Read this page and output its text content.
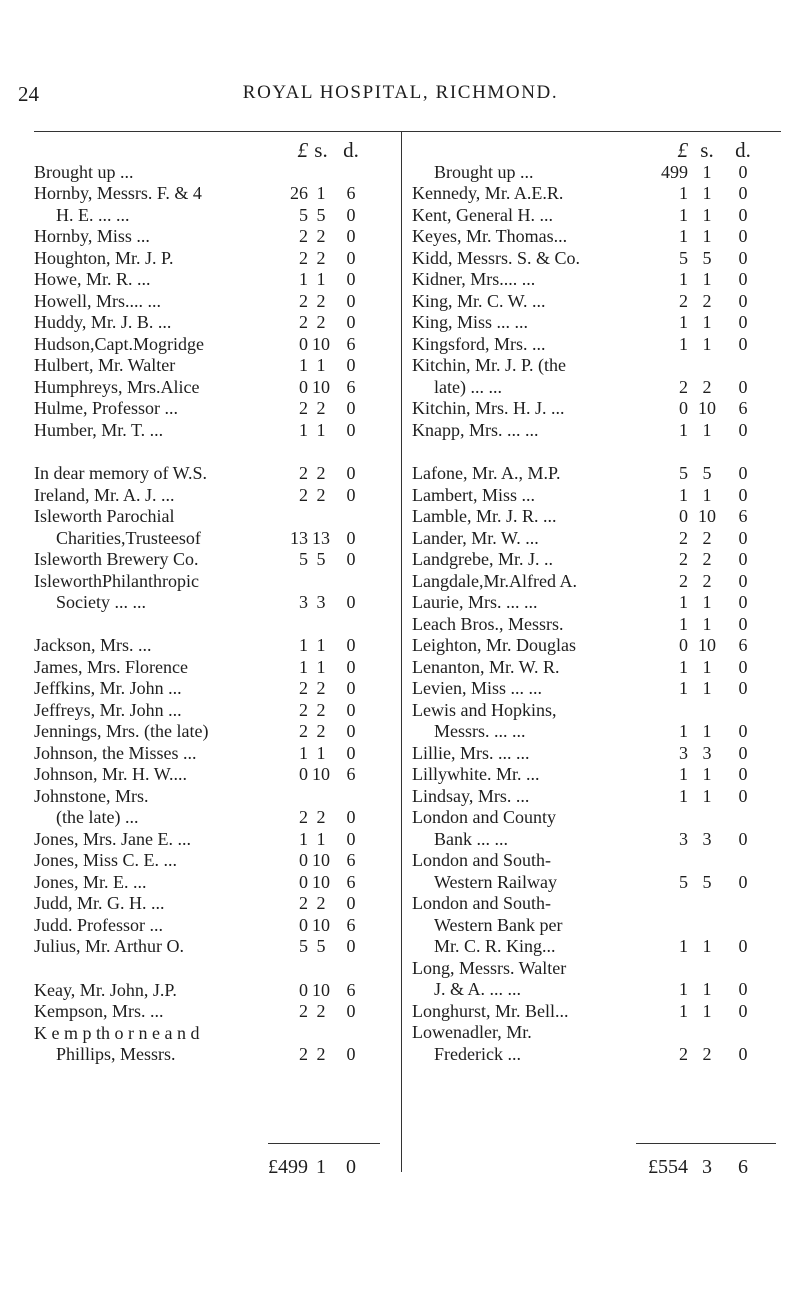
24	ROYAL HOSPITAL, RICHMOND.
£ s. d.
Brought up ...
Hornby, Messrs. F. & 4	26 1	6
H. E. ... ...	5 5	0
Hornby, Miss ...	2 2	0
Houghton, Mr. J. P.	2 2	0
Howe, Mr. R. ...	1 1	0
Howell, Mrs.... ...	2 2	0
Huddy, Mr. J. B. ...	2 2	0
Hudson,Capt.Mogridge	0 10 6
Hulbert, Mr. Walter	1 1	0
Humphreys, Mrs.Alice	0 10 6
Hulme, Professor ...	2 2	0
Humber, Mr. T. ...	1 1	0
In dear memory of W.S.	2 2	0
Ireland, Mr. A. J. ...	2 2	0
Isleworth Parochial
Charities,Trusteesof	13 13 0
Isleworth Brewery Co.	5 5	0
IsleworthPhilanthropic
Society ... ...	3 3	0
Jackson, Mrs. ...	1 1	0
James, Mrs. Florence	1 1	0
Jeffkins, Mr. John ...	2 2	0
Jeffreys, Mr. John ...	2 2	0
Jennings, Mrs. (the late)	2 2	0
Johnson, the Misses ...	1 1	0
Johnson, Mr. H. W....	0 10 6
Johnstone, Mrs.
(the late) ...	2 2	0
Jones, Mrs. Jane E. ...	1 1	0
Jones, Miss C. E. ...	0 10 6
Jones, Mr. E. ...	0 10 6
Judd, Mr. G. H. ...	2 2	0
Judd. Professor ...	0 10 6
Julius, Mr. Arthur O.	5 5	0
Keay, Mr. John, J.P.	0 10 6
Kempson, Mrs. ...	2 2	0
K e m p th o r n e a n d
Phillips, Messrs.	2 2	0
£ s. d.
Brought up ...	499 1	0
Kennedy, Mr. A.E.R.	1 1	0
Kent, General H. ...	1 1	0
Keyes, Mr. Thomas...	1 1	0
Kidd, Messrs. S. & Co.	5 5	0
Kidner, Mrs.... ...	1 1	0
King, Mr. C. W. ...	2 2	0
King, Miss ... ...	1 1	0
Kingsford, Mrs. ...	1 1	0
Kitchin, Mr. J. P. (the
late) ... ...	2 2	0
Kitchin, Mrs. H. J. ...	0 10	6
Knapp, Mrs. ... ...	1 1	0
Lafone, Mr. A., M.P.	5 5	0
Lambert, Miss ...	1 1	0
Lamble, Mr. J. R. ...	0 10	6
Lander, Mr. W. ...	2 2	0
Landgrebe, Mr. J. ..	2 2	0
Langdale,Mr.Alfred A.	2 2	0
Laurie, Mrs. ... ...	1 1	0
Leach Bros., Messrs.	1 1	0
Leighton, Mr. Douglas	0 10	6
Lenanton, Mr. W. R.	1 1	0
Levien, Miss ... ...	1 1	0
Lewis and Hopkins,
Messrs. ... ...	1 1	0
Lillie, Mrs. ... ...	3 3	0
Lillywhite. Mr. ...	1 1	0
Lindsay, Mrs. ...	1 1	0
London and County
Bank ... ...	3 3	0
London and South-
Western Railway	5 5	0
London and South-
Western Bank per
Mr. C. R. King...	1 1	0
Long, Messrs. Walter
J. & A. ... ...	1 1	0
Longhurst, Mr. Bell...	1 1	0
Lowenadler, Mr.
Frederick ...	2 2	0
£499 1	0	£554 3	6
